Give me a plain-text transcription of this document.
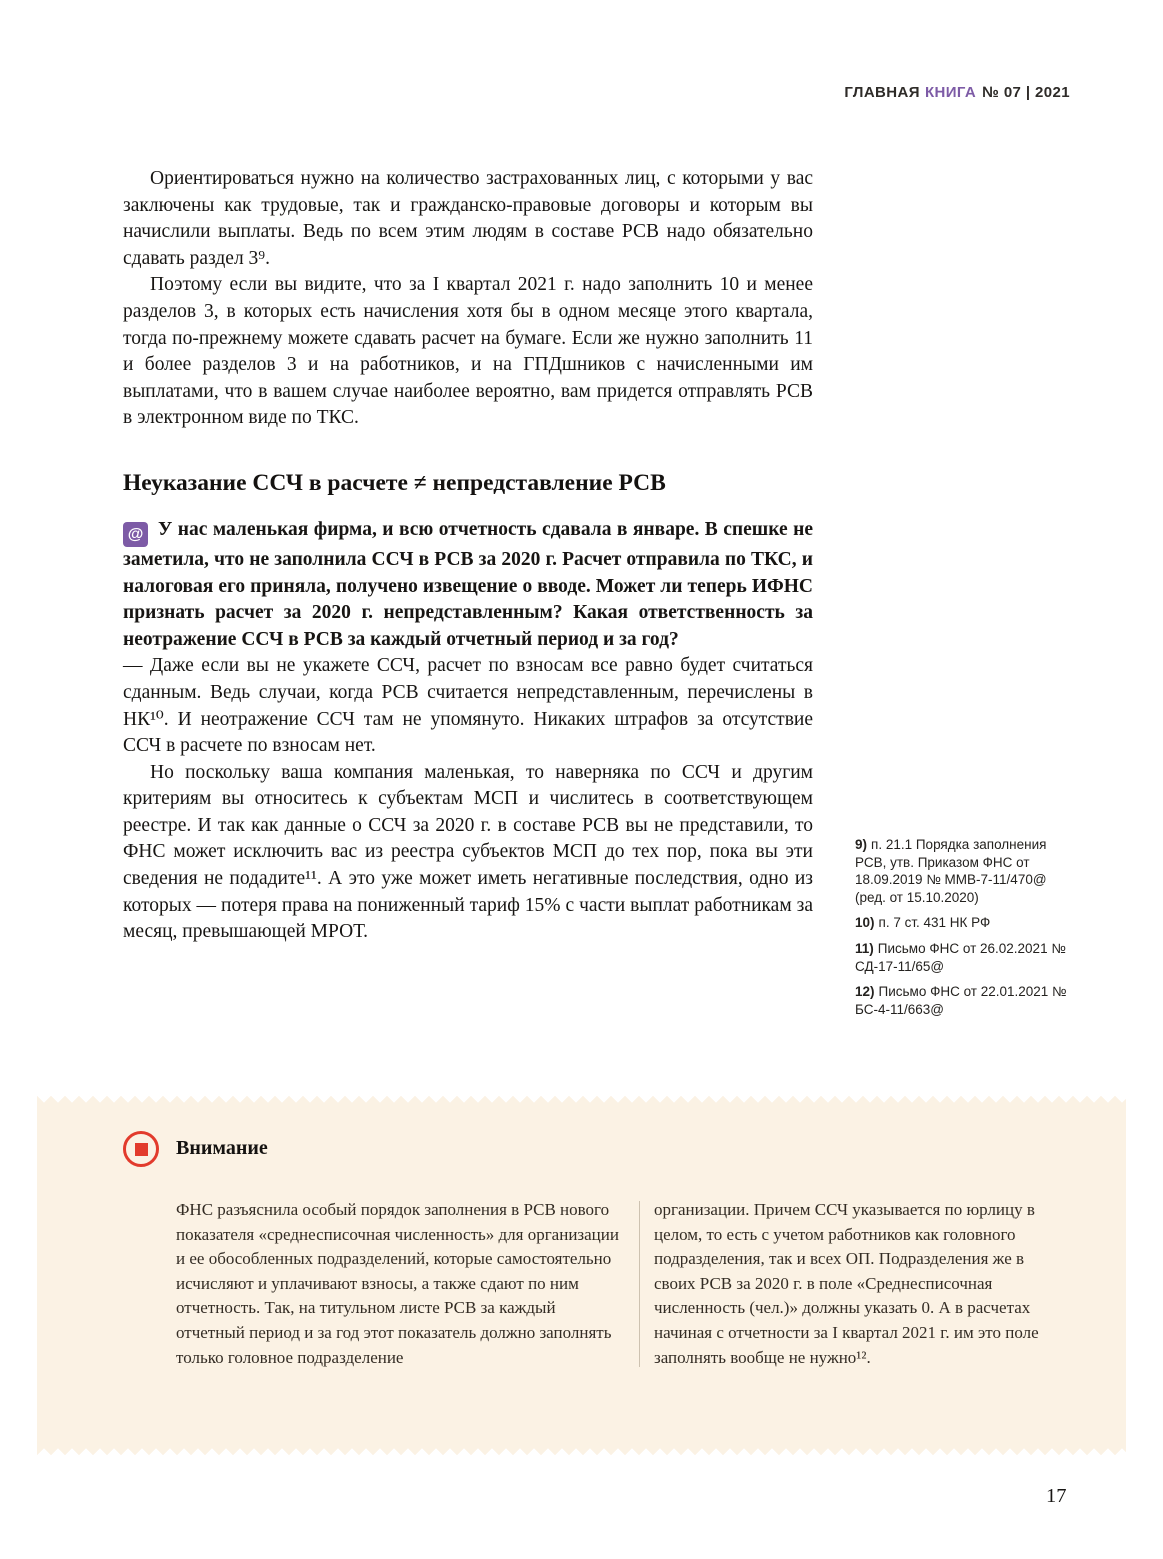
ГЛАВНАЯ КНИГА № 07 | 2021

Ориентироваться нужно на количество застрахованных лиц, с которыми у вас заключены как трудовые, так и гражданско-правовые договоры и которым вы начислили выплаты. Ведь по всем этим людям в составе РСВ надо обязательно сдавать раздел 3⁹.

Поэтому если вы видите, что за I квартал 2021 г. надо заполнить 10 и менее разделов 3, в которых есть начисления хотя бы в одном месяце этого квартала, тогда по-прежнему можете сдавать расчет на бумаге. Если же нужно заполнить 11 и более разделов 3 и на работников, и на ГПДшников с начисленными им выплатами, что в вашем случае наиболее вероятно, вам придется отправлять РСВ в электронном виде по ТКС.

Неуказание ССЧ в расчете ≠ непредставление РСВ

@ У нас маленькая фирма, и всю отчетность сдавала в январе. В спешке не заметила, что не заполнила ССЧ в РСВ за 2020 г. Расчет отправила по ТКС, и налоговая его приняла, получено извещение о вводе. Может ли теперь ИФНС признать расчет за 2020 г. непредставленным? Какая ответственность за неотражение ССЧ в РСВ за каждый отчетный период и за год?

— Даже если вы не укажете ССЧ, расчет по взносам все равно будет считаться сданным. Ведь случаи, когда РСВ считается непредставленным, перечислены в НК¹⁰. И неотражение ССЧ там не упомянуто. Никаких штрафов за отсутствие ССЧ в расчете по взносам нет.

Но поскольку ваша компания маленькая, то наверняка по ССЧ и другим критериям вы относитесь к субъектам МСП и числитесь в соответствующем реестре. И так как данные о ССЧ за 2020 г. в составе РСВ вы не представили, то ФНС может исключить вас из реестра субъектов МСП до тех пор, пока вы эти сведения не подадите¹¹. А это уже может иметь негативные последствия, одно из которых — потеря права на пониженный тариф 15% с части выплат работникам за месяц, превышающей МРОТ.

9) п. 21.1 Порядка заполнения РСВ, утв. Приказом ФНС от 18.09.2019 № ММВ-7-11/470@ (ред. от 15.10.2020)

10) п. 7 ст. 431 НК РФ

11) Письмо ФНС от 26.02.2021 № СД-17-11/65@

12) Письмо ФНС от 22.01.2021 № БС-4-11/663@

Внимание

ФНС разъяснила особый порядок заполнения в РСВ нового показателя «среднесписочная численность» для организации и ее обособленных подразделений, которые самостоятельно исчисляют и уплачивают взносы, а также сдают по ним отчетность. Так, на титульном листе РСВ за каждый отчетный период и за год этот показатель должно заполнять только головное подразделение

организации. Причем ССЧ указывается по юрлицу в целом, то есть с учетом работников как головного подразделения, так и всех ОП. Подразделения же в своих РСВ за 2020 г. в поле «Среднесписочная численность (чел.)» должны указать 0. А в расчетах начиная с отчетности за I квартал 2021 г. им это поле заполнять вообще не нужно¹².

17
